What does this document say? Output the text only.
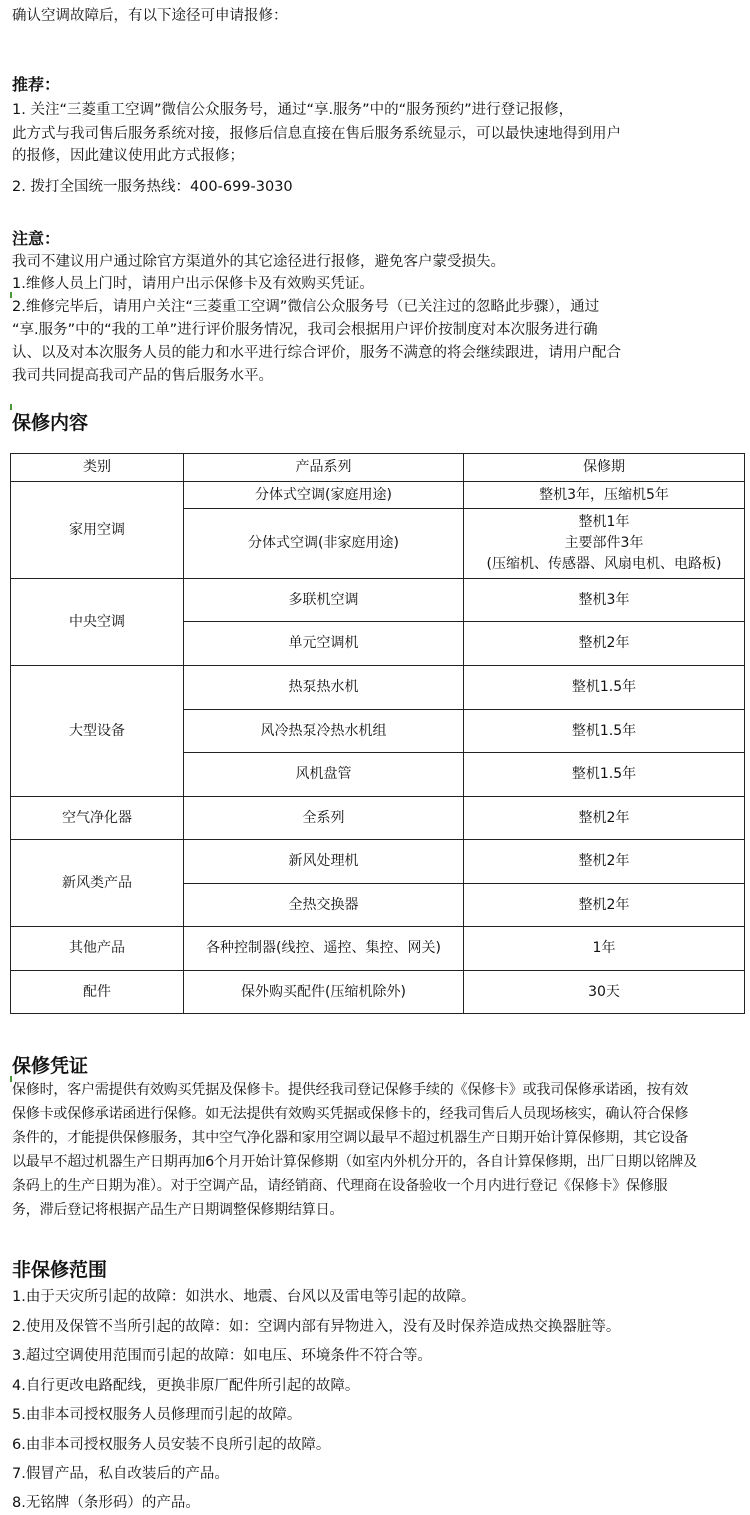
确认空调故障后，有以下途径可申请报修：
推荐：
1. 关注“三菱重工空调”微信公众服务号，通过“享.服务”中的“服务预约”进行登记报修，
此方式与我司售后服务系统对接，报修后信息直接在售后服务系统显示，可以最快速地得到用户
的报修，因此建议使用此方式报修；
2. 拨打全国统一服务热线：400-699-3030
注意：
我司不建议用户通过除官方渠道外的其它途径进行报修，避免客户蒙受损失。
1.维修人员上门时，请用户出示保修卡及有效购买凭证。
2.维修完毕后，请用户关注“三菱重工空调”微信公众服务号（已关注过的忽略此步骤），通过
“享.服务”中的“我的工单”进行评价服务情况，我司会根据用户评价按制度对本次服务进行确
认、以及对本次服务人员的能力和水平进行综合评价，服务不满意的将会继续跟进，请用户配合
我司共同提高我司产品的售后服务水平。
保修内容
类别	产品系列	保修期
家用空调	分体式空调(家庭用途)	整机3年，压缩机5年
	分体式空调(非家庭用途)	整机1年
主要部件3年
(压缩机、传感器、风扇电机、电路板)

中央空调	多联机空调	整机3年
	单元空调机	整机2年
大型设备	热泵热水机	整机1.5年
	风冷热泵冷热水机组	整机1.5年
	风机盘管	整机1.5年
空气净化器	全系列	整机2年
新风类产品	新风处理机	整机2年
	全热交换器	整机2年
其他产品	各种控制器(线控、遥控、集控、网关)	1年
配件	保外购买配件(压缩机除外)	30天
保修凭证
保修时，客户需提供有效购买凭据及保修卡。提供经我司登记保修手续的《保修卡》或我司保修承诺函，按有效
保修卡或保修承诺函进行保修。如无法提供有效购买凭据或保修卡的，经我司售后人员现场核实，确认符合保修
条件的，才能提供保修服务，其中空气净化器和家用空调以最早不超过机器生产日期开始计算保修期，其它设备
以最早不超过机器生产日期再加6个月开始计算保修期（如室内外机分开的，各自计算保修期，出厂日期以铭牌及
条码上的生产日期为准）。对于空调产品，请经销商、代理商在设备验收一个月内进行登记《保修卡》保修服
务，滞后登记将根据产品生产日期调整保修期结算日。
非保修范围
1.由于天灾所引起的故障：如洪水、地震、台风以及雷电等引起的故障。
2.使用及保管不当所引起的故障：如：空调内部有异物进入，没有及时保养造成热交换器脏等。
3.超过空调使用范围而引起的故障：如电压、环境条件不符合等。
4.自行更改电路配线，更换非原厂配件所引起的故障。
5.由非本司授权服务人员修理而引起的故障。
6.由非本司授权服务人员安装不良所引起的故障。
7.假冒产品，私自改装后的产品。
8.无铭牌（条形码）的产品。
